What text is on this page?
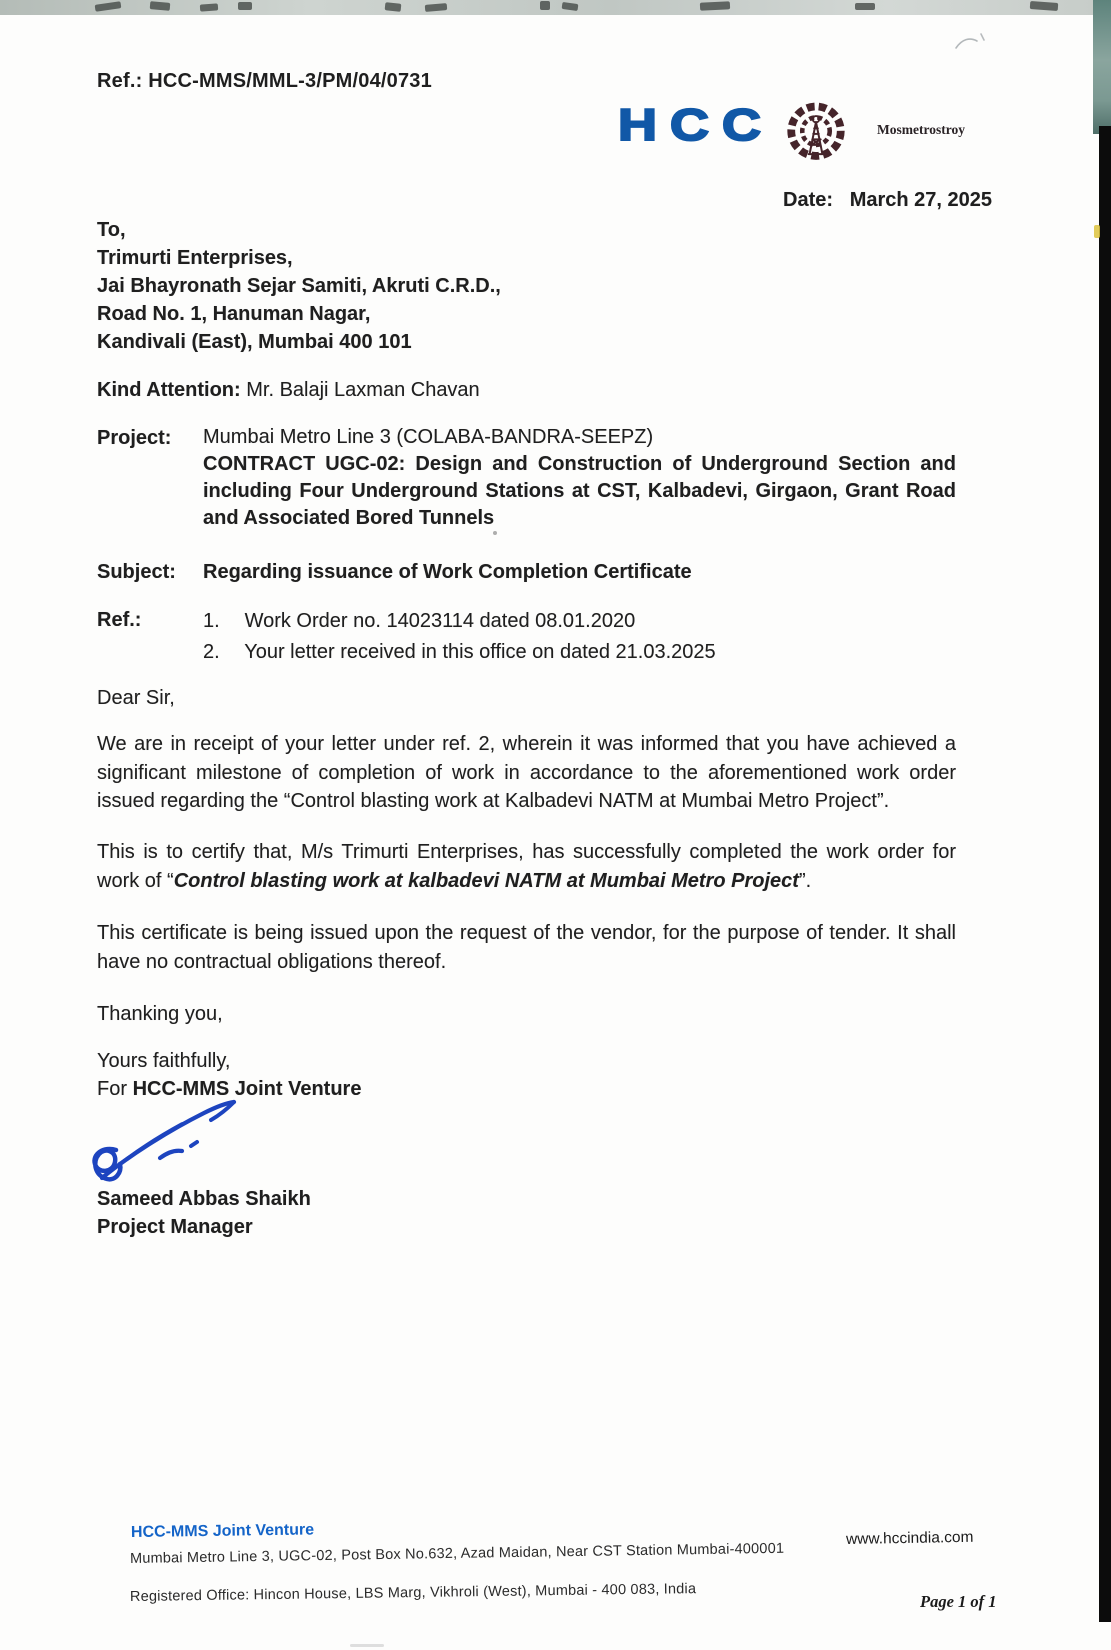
Ref.: HCC-MMS/MML-3/PM/04/0731
HCC	Mosmetrostroy
Date: March 27, 2025
To,
Trimurti Enterprises,
Jai Bhayronath Sejar Samiti, Akruti C.R.D.,
Road No. 1, Hanuman Nagar,
Kandivali (East), Mumbai 400 101
Kind Attention: Mr. Balaji Laxman Chavan
Project: Mumbai Metro Line 3 (COLABA-BANDRA-SEEPZ)
CONTRACT UGC-02: Design and Construction of Underground Section and
including Four Underground Stations at CST, Kalbadevi, Girgaon, Grant Road
and Associated Bored Tunnels
Subject: Regarding issuance of Work Completion Certificate
Ref.:	1. Work Order no. 14023114 dated 08.01.2020
2. Your letter received in this office on dated 21.03.2025
Dear Sir,
We are in receipt of your letter under ref. 2, wherein it was informed that you have achieved a significant milestone of completion of work in accordance to the aforementioned work order issued regarding the “Control blasting work at Kalbadevi NATM at Mumbai Metro Project”.
This is to certify that, M/s Trimurti Enterprises, has successfully completed the work order for work of “Control blasting work at kalbadevi NATM at Mumbai Metro Project”.
This certificate is being issued upon the request of the vendor, for the purpose of tender. It shall have no contractual obligations thereof.
Thanking you,
Yours faithfully,
For HCC-MMS Joint Venture
Sameed Abbas Shaikh
Project Manager
HCC-MMS Joint Venture
Mumbai Metro Line 3, UGC-02, Post Box No.632, Azad Maidan, Near CST Station Mumbai-400001
www.hccindia.com
Registered Office: Hincon House, LBS Marg, Vikhroli (West), Mumbai - 400 083, India	Page 1 of 1
